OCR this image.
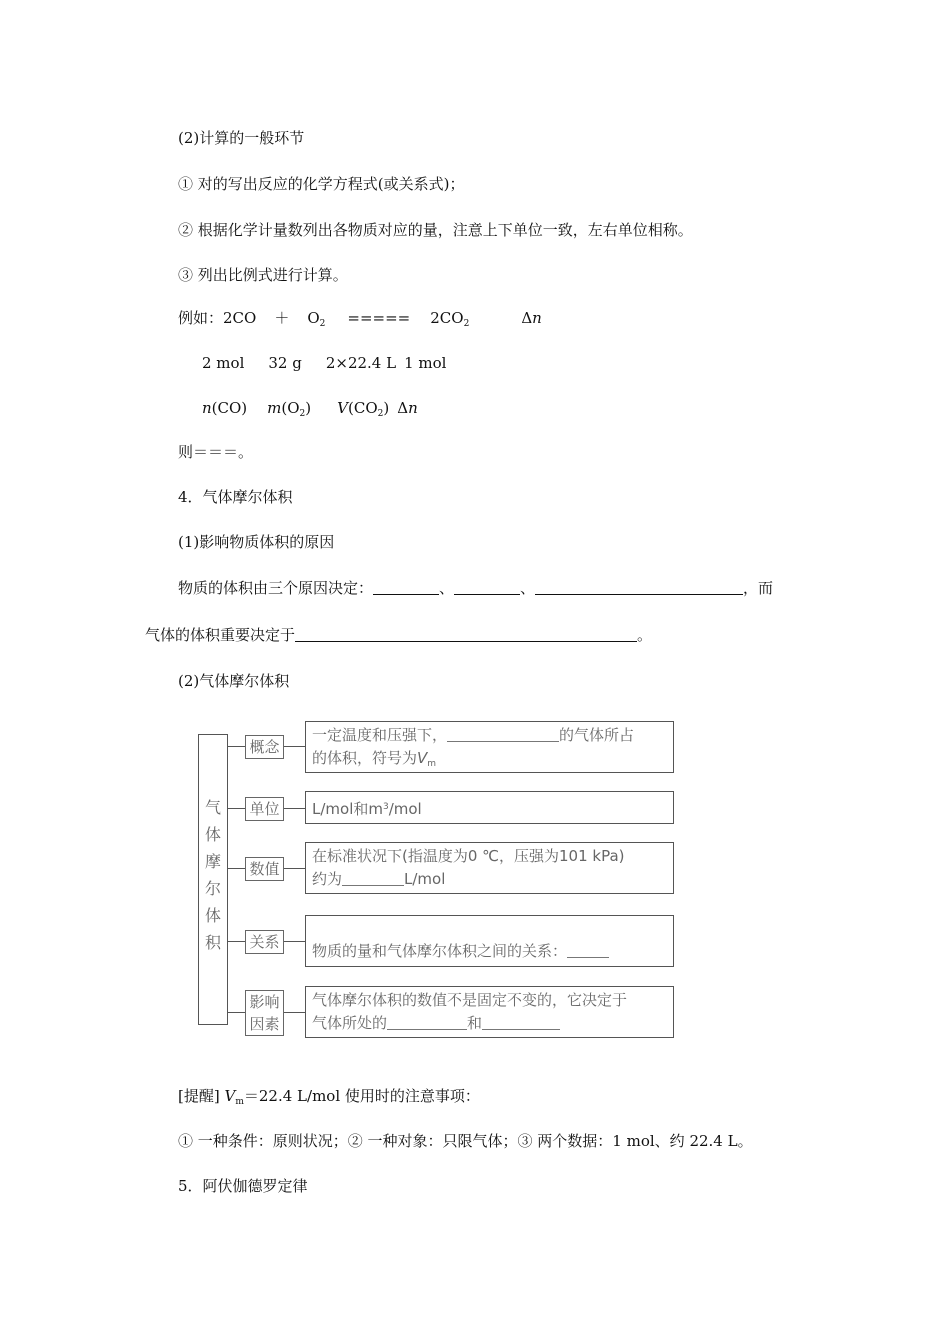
(2)计算的一般环节
① 对的写出反应的化学方程式(或关系式)；
② 根据化学计量数列出各物质对应的量，注意上下单位一致，左右单位相称。
③ 列出比例式进行计算。
例如：$2CO + O_2$ ===== $2CO_2$	Δn
2 mol 32 g 2×22.4 L 1 mol
n(CO) $m(O_2)$ $V(CO_2)$ Δn
则＝＝＝。
4．气体摩尔体积
(1)影响物质体积的原因
物质的体积由三个原因决定：	、	、	，而
气体的体积重要决定于	。
(2)气体摩尔体积
气
体
摩
尔
体
积
概念
一定温度和压强下，	的气体所占
的体积，符号为$V_m$
单位	L/mol和$m^3$/mol
数值
在标准状况下(指温度为0 ℃，压强为101 kPa)
约为	L/mol
关系	物质的量和气体摩尔体积之间的关系：
影响
因素
气体摩尔体积的数值不是固定不变的，它决定于
气体所处的	和
[提醒] $V_m=22.4$ L/mol 使用时的注意事项：
① 一种条件：原则状况；② 一种对象：只限气体；③ 两个数据：1 mol、约 22.4 L。
5．阿伏伽德罗定律
